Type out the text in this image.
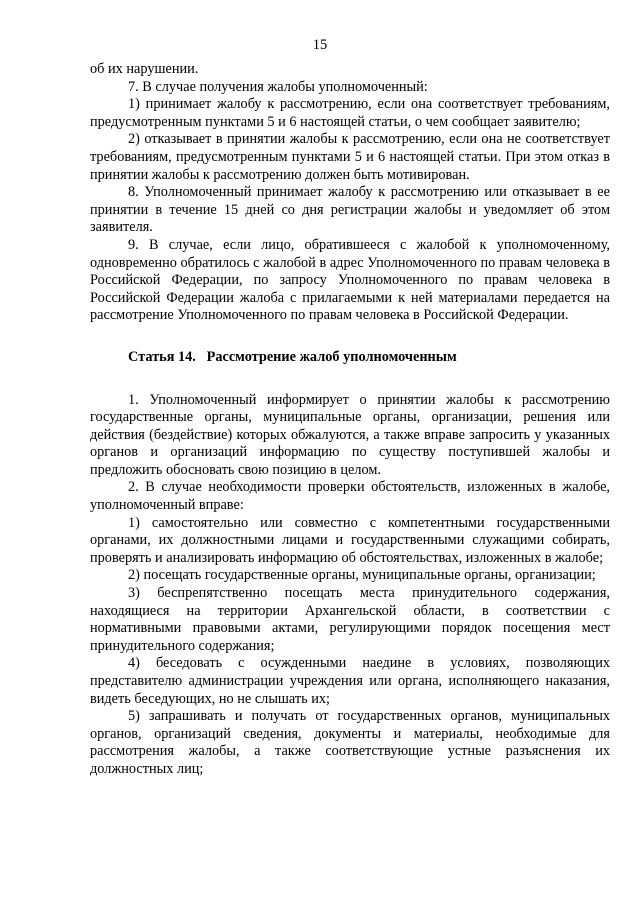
15

об их нарушении.

7. В случае получения жалобы уполномоченный:

1) принимает жалобу к рассмотрению, если она соответствует требованиям, предусмотренным пунктами 5 и 6 настоящей статьи, о чем сообщает заявителю;

2) отказывает в принятии жалобы к рассмотрению, если она не соответствует требованиям, предусмотренным пунктами 5 и 6 настоящей статьи. При этом отказ в принятии жалобы к рассмотрению должен быть мотивирован.

8. Уполномоченный принимает жалобу к рассмотрению или отказывает в ее принятии в течение 15 дней со дня регистрации жалобы и уведомляет об этом заявителя.

9. В случае, если лицо, обратившееся с жалобой к уполномоченному, одновременно обратилось с жалобой в адрес Уполномоченного по правам человека в Российской Федерации, по запросу Уполномоченного по правам человека в Российской Федерации жалоба с прилагаемыми к ней материалами передается на рассмотрение Уполномоченного по правам человека в Российской Федерации.

Статья 14.   Рассмотрение жалоб уполномоченным

1. Уполномоченный информирует о принятии жалобы к рассмотрению государственные органы, муниципальные органы, организации, решения или действия (бездействие) которых обжалуются, а также вправе запросить у указанных органов и организаций информацию по существу поступившей жалобы и предложить обосновать свою позицию в целом.

2. В случае необходимости проверки обстоятельств, изложенных в жалобе, уполномоченный вправе:

1) самостоятельно или совместно с компетентными государственными органами, их должностными лицами и государственными служащими собирать, проверять и анализировать информацию об обстоятельствах, изложенных в жалобе;

2) посещать государственные органы, муниципальные органы, организации;

3) беспрепятственно посещать места принудительного содержания, находящиеся на территории Архангельской области, в соответствии с нормативными правовыми актами, регулирующими порядок посещения мест принудительного содержания;

4) беседовать с осужденными наедине в условиях, позволяющих представителю администрации учреждения или органа, исполняющего наказания, видеть беседующих, но не слышать их;

5) запрашивать и получать от государственных органов, муниципальных органов, организаций сведения, документы и материалы, необходимые для рассмотрения жалобы, а также соответствующие устные разъяснения их должностных лиц;
